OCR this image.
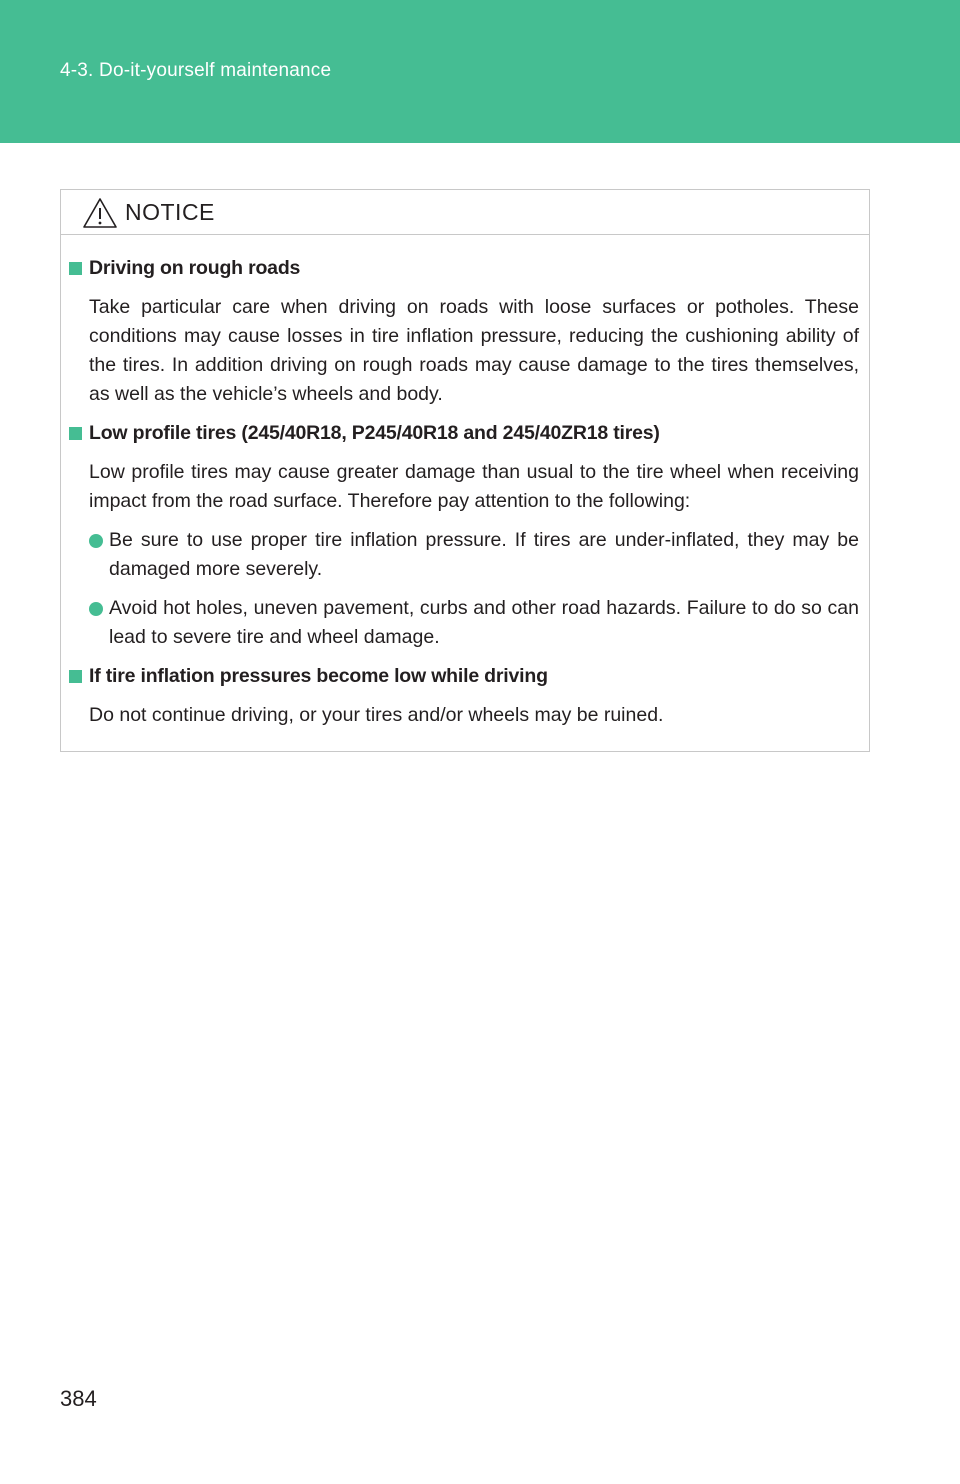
4-3. Do-it-yourself maintenance
NOTICE
Driving on rough roads
Take particular care when driving on roads with loose surfaces or potholes. These conditions may cause losses in tire inflation pressure, reducing the cushioning ability of the tires. In addition driving on rough roads may cause damage to the tires themselves, as well as the vehicle’s wheels and body.
Low profile tires (245/40R18, P245/40R18 and 245/40ZR18 tires)
Low profile tires may cause greater damage than usual to the tire wheel when receiving impact from the road surface. Therefore pay attention to the following:
Be sure to use proper tire inflation pressure. If tires are under-inflated, they may be damaged more severely.
Avoid hot holes, uneven pavement, curbs and other road hazards. Failure to do so can lead to severe tire and wheel damage.
If tire inflation pressures become low while driving
Do not continue driving, or your tires and/or wheels may be ruined.
384
